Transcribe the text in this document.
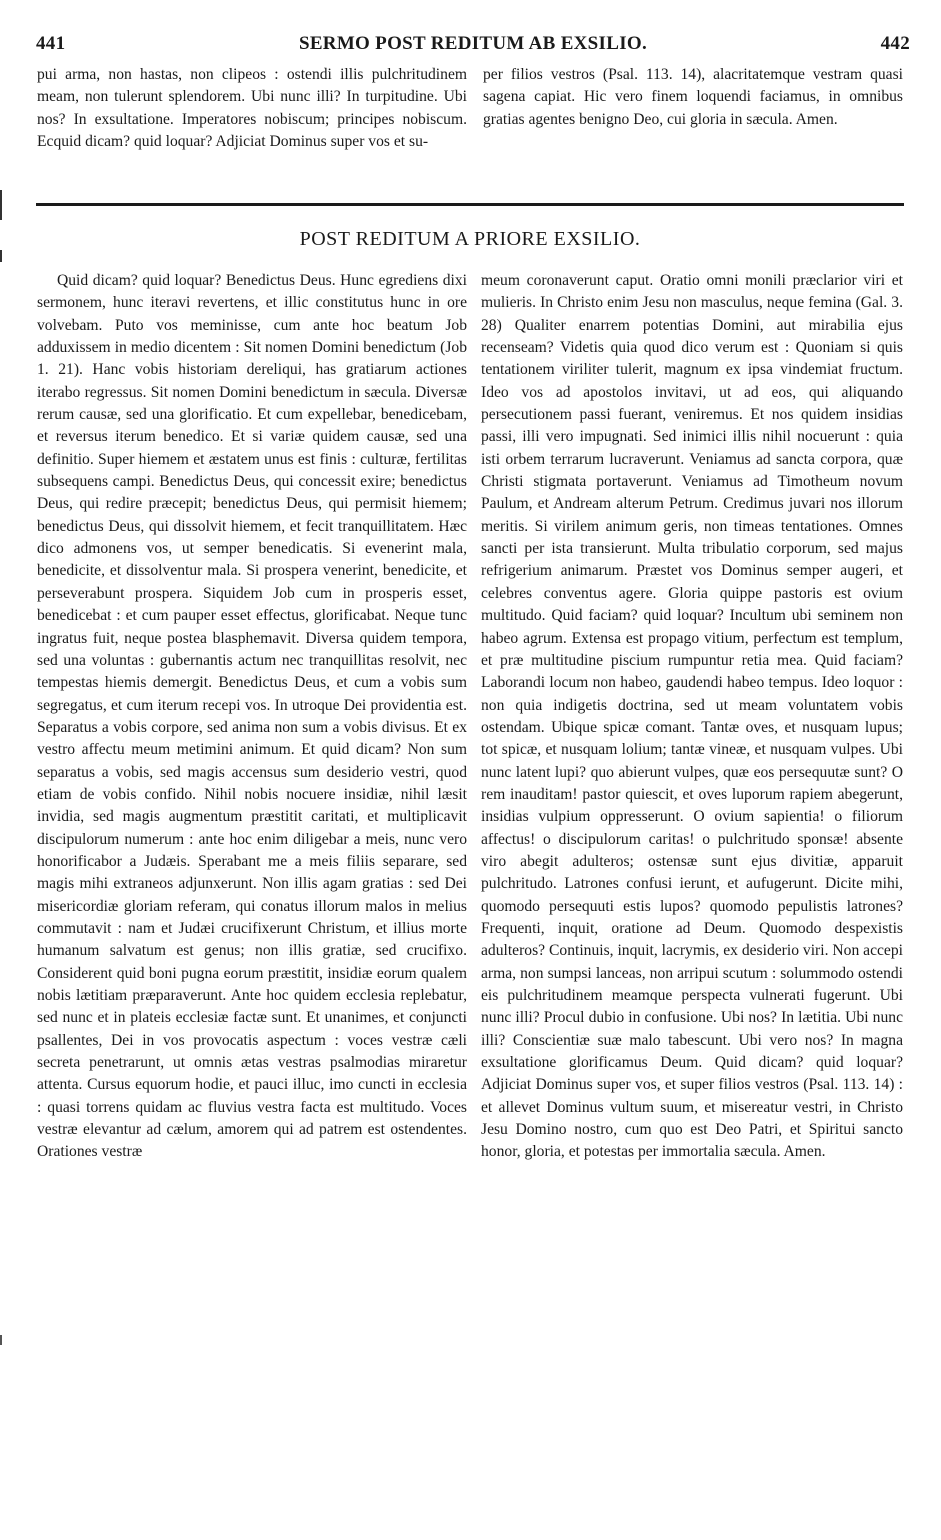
441	SERMO POST REDITUM AB EXSILIO.	442

pui arma, non hastas, non clipeos : ostendi illis pulchritudinem meam, non tulerunt splendorem. Ubi nunc illi? In turpitudine. Ubi nos? In exsultatione. Imperatores nobiscum; principes nobiscum. Ecquid dicam? quid loquar? Adjiciat Dominus super vos et su-

per filios vestros (Psal. 113. 14), alacritatemque vestram quasi sagena capiat. Hic vero finem loquendi faciamus, in omnibus gratias agentes benigno Deo, cui gloria in sæcula. Amen.

POST REDITUM A PRIORE EXSILIO.

Quid dicam? quid loquar? Benedictus Deus. Hunc egrediens dixi sermonem, hunc iteravi revertens, et illic constitutus hunc in ore volvebam. Puto vos meminisse, cum ante hoc beatum Job adduxissem in medio dicentem : Sit nomen Domini benedictum (Job 1. 21). Hanc vobis historiam dereliqui, has gratiarum actiones iterabo regressus. Sit nomen Domini benedictum in sæcula. Diversæ rerum causæ, sed una glorificatio. Et cum expellebar, benedicebam, et reversus iterum benedico. Et si variæ quidem causæ, sed una definitio. Super hiemem et æstatem unus est finis : culturæ, fertilitas subsequens campi. Benedictus Deus, qui concessit exire; benedictus Deus, qui redire præcepit; benedictus Deus, qui permisit hiemem; benedictus Deus, qui dissolvit hiemem, et fecit tranquillitatem. Hæc dico admonens vos, ut semper benedicatis. Si evenerint mala, benedicite, et dissolventur mala. Si prospera venerint, benedicite, et perseverabunt prospera. Siquidem Job cum in prosperis esset, benedicebat : et cum pauper esset effectus, glorificabat. Neque tunc ingratus fuit, neque postea blasphemavit. Diversa quidem tempora, sed una voluntas : gubernantis actum nec tranquillitas resolvit, nec tempestas hiemis demergit. Benedictus Deus, et cum a vobis sum segregatus, et cum iterum recepi vos. In utroque Dei providentia est. Separatus a vobis corpore, sed anima non sum a vobis divisus. Et ex vestro affectu meum metimini animum. Et quid dicam? Non sum separatus a vobis, sed magis accensus sum desiderio vestri, quod etiam de vobis confido. Nihil nobis nocuere insidiæ, nihil læsit invidia, sed magis augmentum præstitit caritati, et multiplicavit discipulorum numerum : ante hoc enim diligebar a meis, nunc vero honorificabor a Judæis. Sperabant me a meis filiis separare, sed magis mihi extraneos adjunxerunt. Non illis agam gratias : sed Dei misericordiæ gloriam referam, qui conatus illorum malos in melius commutavit : nam et Judæi crucifixerunt Christum, et illius morte humanum salvatum est genus; non illis gratiæ, sed crucifixo. Considerent quid boni pugna eorum præstitit, insidiæ eorum qualem nobis lætitiam præparaverunt. Ante hoc quidem ecclesia replebatur, sed nunc et in plateis ecclesiæ factæ sunt. Et unanimes, et conjuncti psallentes, Dei in vos provocatis aspectum : voces vestræ cæli secreta penetrarunt, ut omnis ætas vestras psalmodias miraretur attenta. Cursus equorum hodie, et pauci illuc, imo cuncti in ecclesia : quasi torrens quidam ac fluvius vestra facta est multitudo. Voces vestræ elevantur ad cælum, amorem qui ad patrem est ostendentes. Orationes vestræ

meum coronaverunt caput. Oratio omni monili præclarior viri et mulieris. In Christo enim Jesu non masculus, neque femina (Gal. 3. 28) Qualiter enarrem potentias Domini, aut mirabilia ejus recenseam? Videtis quia quod dico verum est : Quoniam si quis tentationem viriliter tulerit, magnum ex ipsa vindemiat fructum. Ideo vos ad apostolos invitavi, ut ad eos, qui aliquando persecutionem passi fuerant, veniremus. Et nos quidem insidias passi, illi vero impugnati. Sed inimici illis nihil nocuerunt : quia isti orbem terrarum lucraverunt. Veniamus ad sancta corpora, quæ Christi stigmata portaverunt. Veniamus ad Timotheum novum Paulum, et Andream alterum Petrum. Credimus juvari nos illorum meritis. Si virilem animum geris, non timeas tentationes. Omnes sancti per ista transierunt. Multa tribulatio corporum, sed majus refrigerium animarum. Præstet vos Dominus semper augeri, et celebres conventus agere. Gloria quippe pastoris est ovium multitudo. Quid faciam? quid loquar? Incultum ubi seminem non habeo agrum. Extensa est propago vitium, perfectum est templum, et præ multitudine piscium rumpuntur retia mea. Quid faciam? Laborandi locum non habeo, gaudendi habeo tempus. Ideo loquor : non quia indigetis doctrina, sed ut meam voluntatem vobis ostendam. Ubique spicæ comant. Tantæ oves, et nusquam lupus; tot spicæ, et nusquam lolium; tantæ vineæ, et nusquam vulpes. Ubi nunc latent lupi? quo abierunt vulpes, quæ eos persequutæ sunt? O rem inauditam! pastor quiescit, et oves luporum rapiem abegerunt, insidias vulpium oppresserunt. O ovium sapientia! o filiorum affectus! o discipulorum caritas! o pulchritudo sponsæ! absente viro abegit adulteros; ostensæ sunt ejus divitiæ, apparuit pulchritudo. Latrones confusi ierunt, et aufugerunt. Dicite mihi, quomodo persequuti estis lupos? quomodo pepulistis latrones? Frequenti, inquit, oratione ad Deum. Quomodo despexistis adulteros? Continuis, inquit, lacrymis, ex desiderio viri. Non accepi arma, non sumpsi lanceas, non arripui scutum : solummodo ostendi eis pulchritudinem meamque perspecta vulnerati fugerunt. Ubi nunc illi? Procul dubio in confusione. Ubi nos? In lætitia. Ubi nunc illi? Conscientiæ suæ malo tabescunt. Ubi vero nos? In magna exsultatione glorificamus Deum. Quid dicam? quid loquar? Adjiciat Dominus super vos, et super filios vestros (Psal. 113. 14) : et allevet Dominus vultum suum, et misereatur vestri, in Christo Jesu Domino nostro, cum quo est Deo Patri, et Spiritui sancto honor, gloria, et potestas per immortalia sæcula. Amen.
